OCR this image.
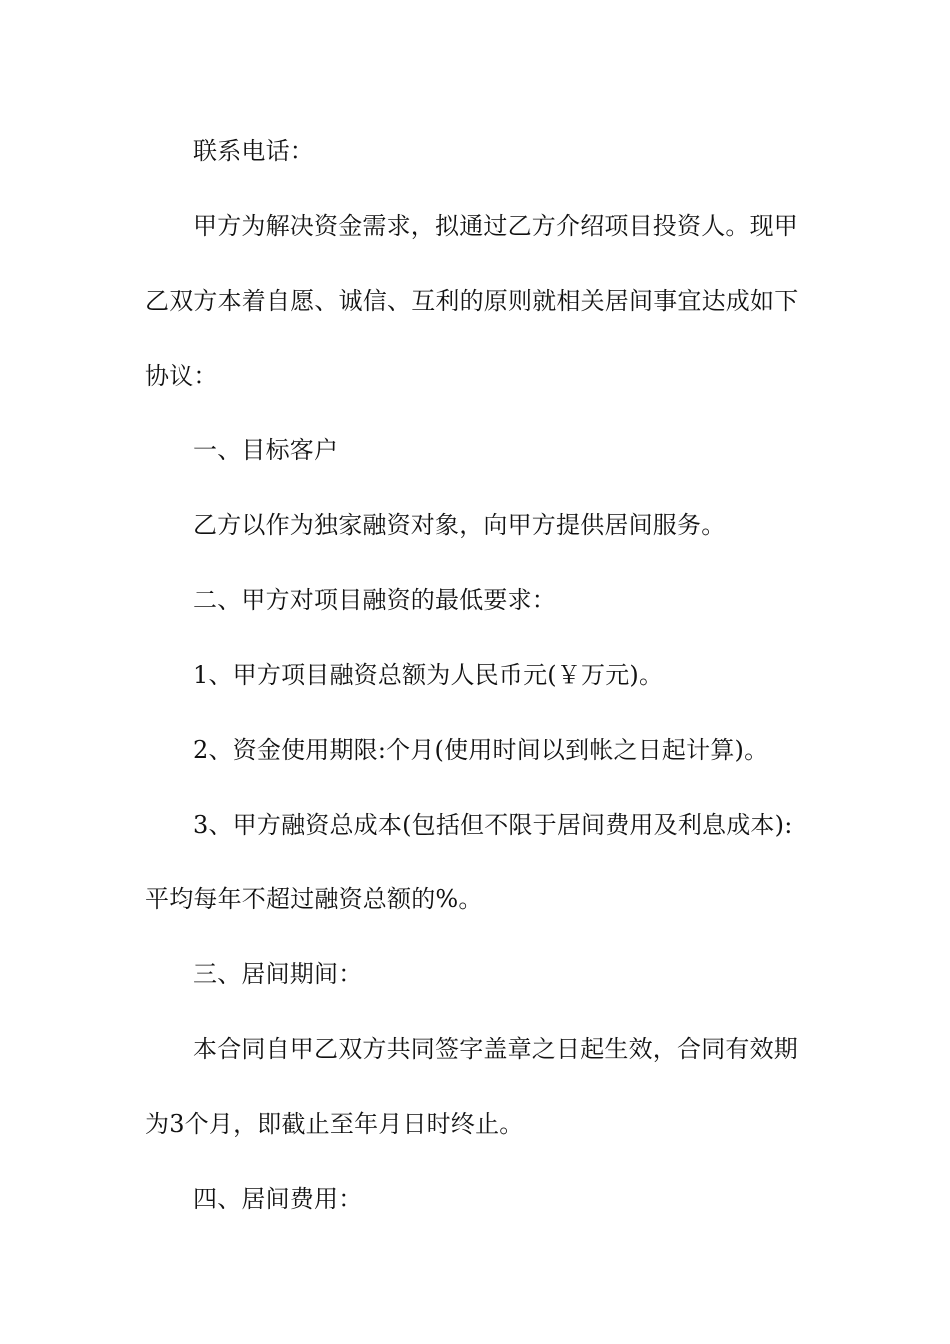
联系电话：
甲方为解决资金需求，拟通过乙方介绍项目投资人。现甲
乙双方本着自愿、诚信、互利的原则就相关居间事宜达成如下
协议：
一、目标客户
乙方以作为独家融资对象，向甲方提供居间服务。
二、甲方对项目融资的最低要求：
1、甲方项目融资总额为人民币元(￥万元)。
2、资金使用期限:个月(使用时间以到帐之日起计算)。
3、甲方融资总成本(包括但不限于居间费用及利息成本):
平均每年不超过融资总额的%。
三、居间期间：
本合同自甲乙双方共同签字盖章之日起生效，合同有效期
为3个月，即截止至年月日时终止。
四、居间费用：
